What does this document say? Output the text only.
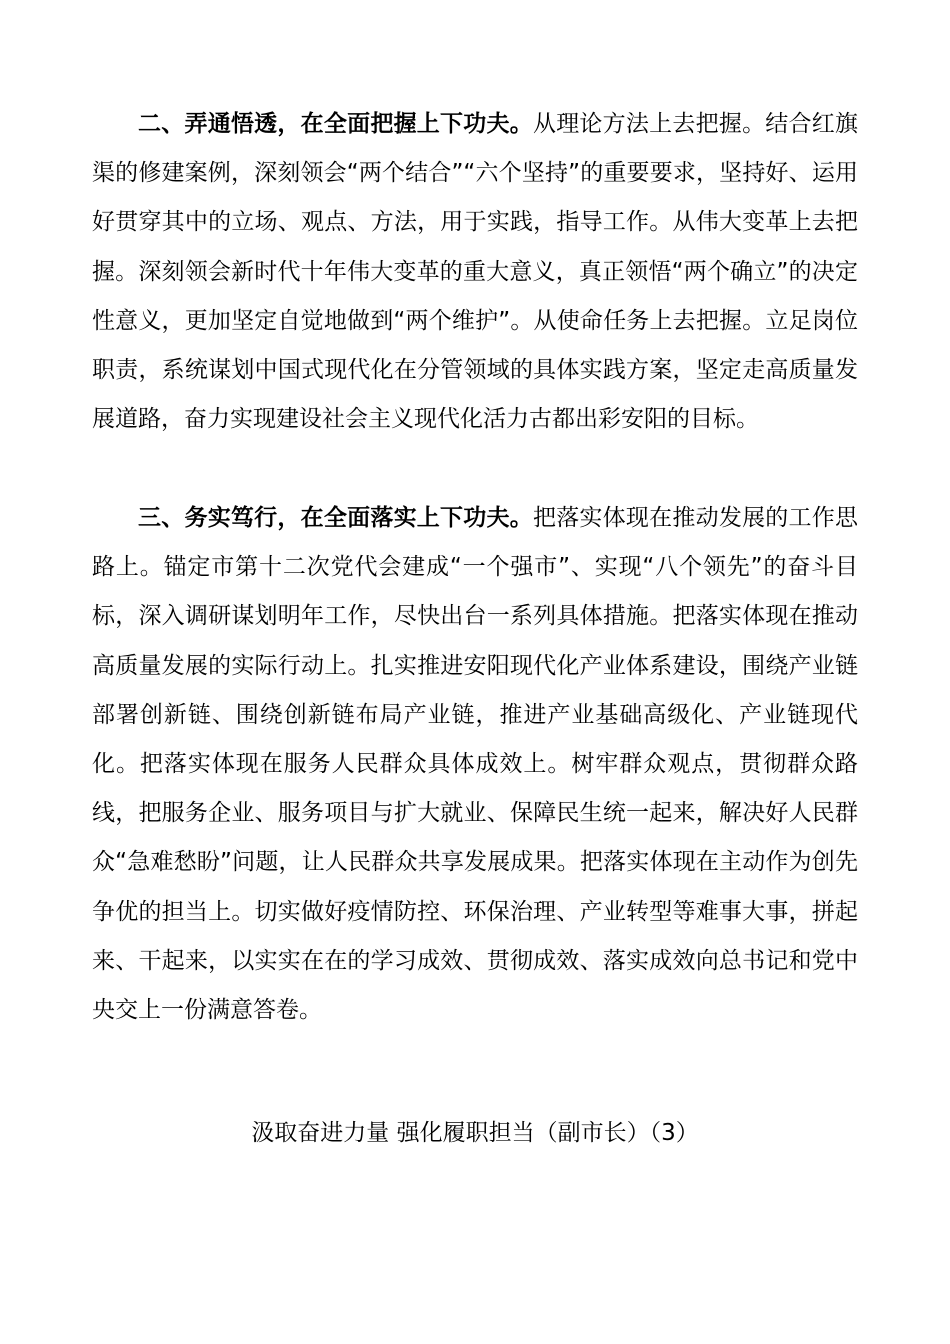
二、弄通悟透，在全面把握上下功夫。从理论方法上去把握。结合红旗渠的修建案例，深刻领会“两个结合”“六个坚持”的重要要求，坚持好、运用好贯穿其中的立场、观点、方法，用于实践，指导工作。从伟大变革上去把握。深刻领会新时代十年伟大变革的重大意义，真正领悟“两个确立”的决定性意义，更加坚定自觉地做到“两个维护”。从使命任务上去把握。立足岗位职责，系统谋划中国式现代化在分管领域的具体实践方案，坚定走高质量发展道路，奋力实现建设社会主义现代化活力古都出彩安阳的目标。

三、务实笃行，在全面落实上下功夫。把落实体现在推动发展的工作思路上。锚定市第十二次党代会建成“一个强市”、实现“八个领先”的奋斗目标，深入调研谋划明年工作，尽快出台一系列具体措施。把落实体现在推动高质量发展的实际行动上。扎实推进安阳现代化产业体系建设，围绕产业链部署创新链、围绕创新链布局产业链，推进产业基础高级化、产业链现代化。把落实体现在服务人民群众具体成效上。树牢群众观点，贯彻群众路线，把服务企业、服务项目与扩大就业、保障民生统一起来，解决好人民群众“急难愁盼”问题，让人民群众共享发展成果。把落实体现在主动作为创先争优的担当上。切实做好疫情防控、环保治理、产业转型等难事大事，拼起来、干起来，以实实在在的学习成效、贯彻成效、落实成效向总书记和党中央交上一份满意答卷。

汲取奋进力量 强化履职担当（副市长）（3）
